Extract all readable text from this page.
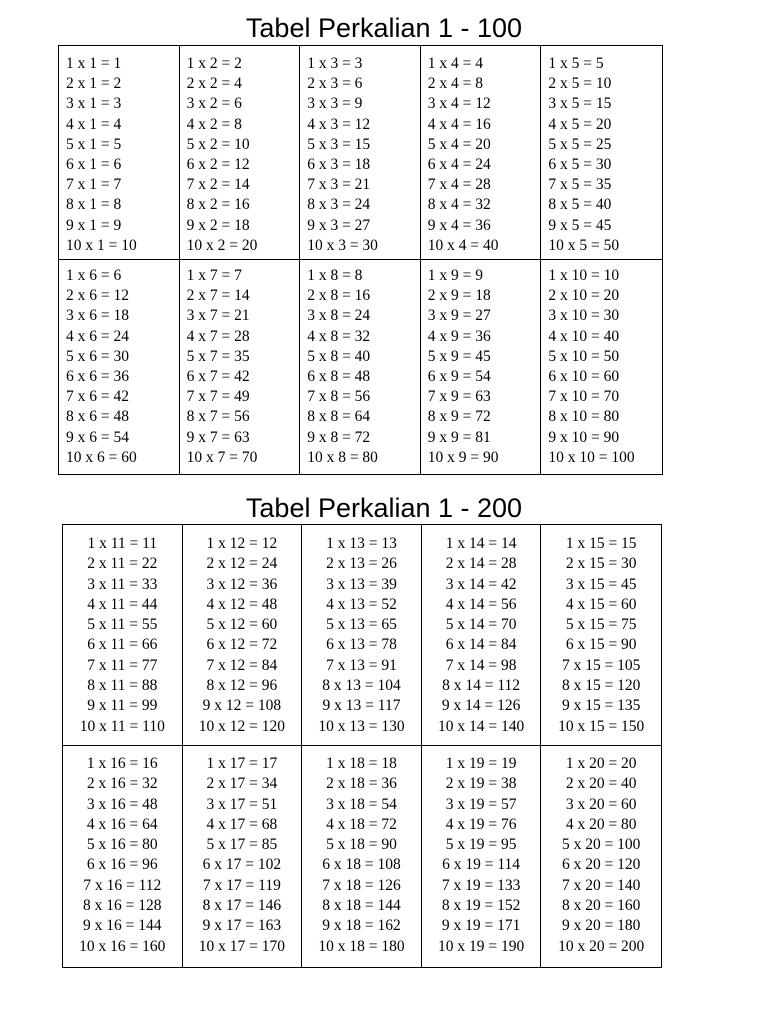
Tabel Perkalian 1 - 100
1 x 1 = 1
2 x 1 = 2
3 x 1 = 3
4 x 1 = 4
5 x 1 = 5
6 x 1 = 6
7 x 1 = 7
8 x 1 = 8
9 x 1 = 9
10 x 1 = 10
1 x 2 = 2
2 x 2 = 4
3 x 2 = 6
4 x 2 = 8
5 x 2 = 10
6 x 2 = 12
7 x 2 = 14
8 x 2 = 16
9 x 2 = 18
10 x 2 = 20
1 x 3 = 3
2 x 3 = 6
3 x 3 = 9
4 x 3 = 12
5 x 3 = 15
6 x 3 = 18
7 x 3 = 21
8 x 3 = 24
9 x 3 = 27
10 x 3 = 30
1 x 4 = 4
2 x 4 = 8
3 x 4 = 12
4 x 4 = 16
5 x 4 = 20
6 x 4 = 24
7 x 4 = 28
8 x 4 = 32
9 x 4 = 36
10 x 4 = 40
1 x 5 = 5
2 x 5 = 10
3 x 5 = 15
4 x 5 = 20
5 x 5 = 25
6 x 5 = 30
7 x 5 = 35
8 x 5 = 40
9 x 5 = 45
10 x 5 = 50
1 x 6 = 6
2 x 6 = 12
3 x 6 = 18
4 x 6 = 24
5 x 6 = 30
6 x 6 = 36
7 x 6 = 42
8 x 6 = 48
9 x 6 = 54
10 x 6 = 60
1 x 7 = 7
2 x 7 = 14
3 x 7 = 21
4 x 7 = 28
5 x 7 = 35
6 x 7 = 42
7 x 7 = 49
8 x 7 = 56
9 x 7 = 63
10 x 7 = 70
1 x 8 = 8
2 x 8 = 16
3 x 8 = 24
4 x 8 = 32
5 x 8 = 40
6 x 8 = 48
7 x 8 = 56
8 x 8 = 64
9 x 8 = 72
10 x 8 = 80
1 x 9 = 9
2 x 9 = 18
3 x 9 = 27
4 x 9 = 36
5 x 9 = 45
6 x 9 = 54
7 x 9 = 63
8 x 9 = 72
9 x 9 = 81
10 x 9 = 90
1 x 10 = 10
2 x 10 = 20
3 x 10 = 30
4 x 10 = 40
5 x 10 = 50
6 x 10 = 60
7 x 10 = 70
8 x 10 = 80
9 x 10 = 90
10 x 10 = 100
Tabel Perkalian 1 - 200
1 x 11 = 11
2 x 11 = 22
3 x 11 = 33
4 x 11 = 44
5 x 11 = 55
6 x 11 = 66
7 x 11 = 77
8 x 11 = 88
9 x 11 = 99
10 x 11 = 110
1 x 12 = 12
2 x 12 = 24
3 x 12 = 36
4 x 12 = 48
5 x 12 = 60
6 x 12 = 72
7 x 12 = 84
8 x 12 = 96
9 x 12 = 108
10 x 12 = 120
1 x 13 = 13
2 x 13 = 26
3 x 13 = 39
4 x 13 = 52
5 x 13 = 65
6 x 13 = 78
7 x 13 = 91
8 x 13 = 104
9 x 13 = 117
10 x 13 = 130
1 x 14 = 14
2 x 14 = 28
3 x 14 = 42
4 x 14 = 56
5 x 14 = 70
6 x 14 = 84
7 x 14 = 98
8 x 14 = 112
9 x 14 = 126
10 x 14 = 140
1 x 15 = 15
2 x 15 = 30
3 x 15 = 45
4 x 15 = 60
5 x 15 = 75
6 x 15 = 90
7 x 15 = 105
8 x 15 = 120
9 x 15 = 135
10 x 15 = 150
1 x 16 = 16
2 x 16 = 32
3 x 16 = 48
4 x 16 = 64
5 x 16 = 80
6 x 16 = 96
7 x 16 = 112
8 x 16 = 128
9 x 16 = 144
10 x 16 = 160
1 x 17 = 17
2 x 17 = 34
3 x 17 = 51
4 x 17 = 68
5 x 17 = 85
6 x 17 = 102
7 x 17 = 119
8 x 17 = 146
9 x 17 = 163
10 x 17 = 170
1 x 18 = 18
2 x 18 = 36
3 x 18 = 54
4 x 18 = 72
5 x 18 = 90
6 x 18 = 108
7 x 18 = 126
8 x 18 = 144
9 x 18 = 162
10 x 18 = 180
1 x 19 = 19
2 x 19 = 38
3 x 19 = 57
4 x 19 = 76
5 x 19 = 95
6 x 19 = 114
7 x 19 = 133
8 x 19 = 152
9 x 19 = 171
10 x 19 = 190
1 x 20 = 20
2 x 20 = 40
3 x 20 = 60
4 x 20 = 80
5 x 20 = 100
6 x 20 = 120
7 x 20 = 140
8 x 20 = 160
9 x 20 = 180
10 x 20 = 200
